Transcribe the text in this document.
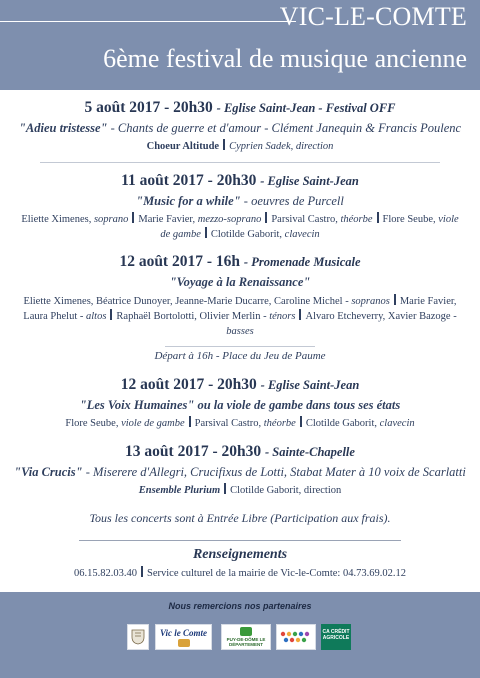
VIC-LE-COMTE
6ème festival de musique ancienne
5 août 2017 - 20h30 - Eglise Saint-Jean - Festival OFF
"Adieu tristesse" - Chants de guerre et d'amour - Clément Janequin & Francis Poulenc
Choeur Altitude Cyprien Sadek, direction
11 août 2017 - 20h30 - Eglise Saint-Jean
"Music for a while" - oeuvres de Purcell
Eliette Ximenes, soprano Marie Favier, mezzo-soprano Parsival Castro, théorbe Flore Seube, viole de gambe Clotilde Gaborit, clavecin
12 août 2017 - 16h - Promenade Musicale
"Voyage à la Renaissance"
Eliette Ximenes, Béatrice Dunoyer, Jeanne-Marie Ducarre, Caroline Michel - sopranos Marie Favier, Laura Phelut - altos Raphaël Bortolotti, Olivier Merlin - ténors Alvaro Etcheverry, Xavier Bazoge - basses
Départ à 16h - Place du Jeu de Paume
12 août 2017 - 20h30 - Eglise Saint-Jean
"Les Voix Humaines" ou la viole de gambe dans tous ses états
Flore Seube, viole de gambe Parsival Castro, théorbe Clotilde Gaborit, clavecin
13 août 2017 - 20h30 - Sainte-Chapelle
"Via Crucis" - Miserere d'Allegri, Crucifixus de Lotti, Stabat Mater à 10 voix de Scarlatti
Ensemble Plurium Clotilde Gaborit, direction
Tous les concerts sont à Entrée Libre (Participation aux frais).
Renseignements
06.15.82.03.40 Service culturel de la mairie de Vic-le-Comte: 04.73.69.02.12
Nous remercions nos partenaires
Vic le Comte
PUY-DE-DÔME LE DÉPARTEMENT
CA CRÉDIT AGRICOLE
